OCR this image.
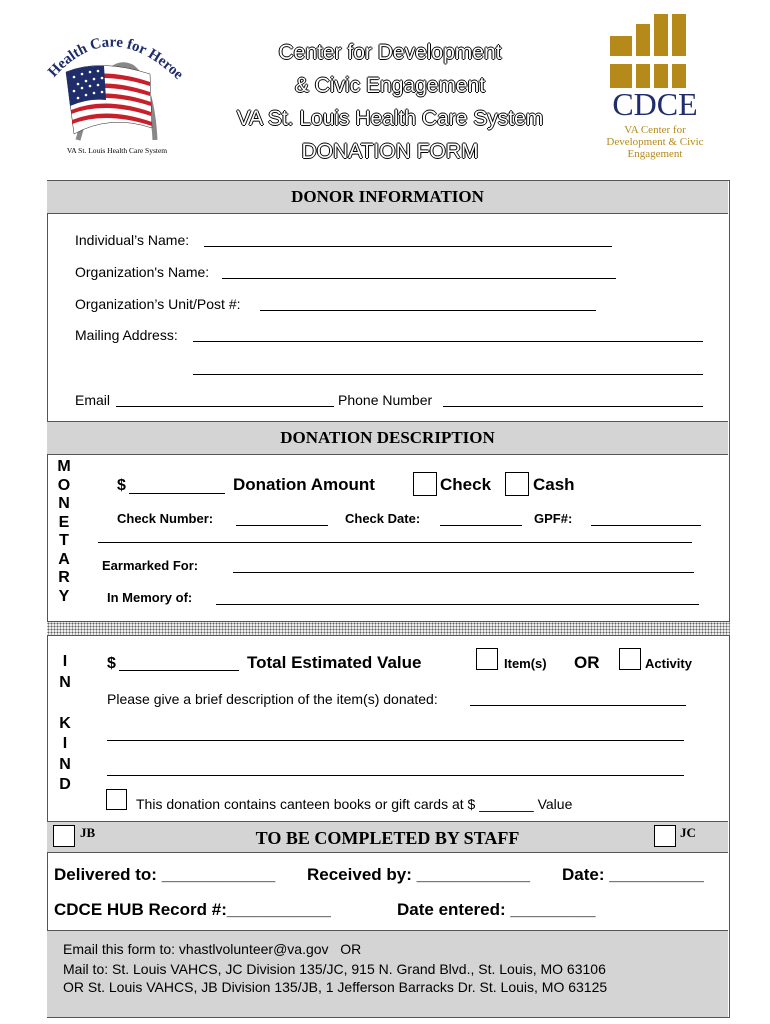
Health Care for Heroe
VA St. Louis Health Care System
Center for Development
& Civic Engagement
VA St. Louis Health Care System
DONATION FORM
CDCE
VA Center for Development & Civic Engagement
DONOR INFORMATION
Individual’s Name:
Organization's Name:
Organization’s Unit/Post #:
Mailing Address:
Email	Phone Number
DONATION DESCRIPTION
M
O
N
E
T
A
R
Y
$	Donation Amount	Check Cash
Check Number:	Check Date:	GPF#:
Earmarked For:
In Memory of:
I
N
K
I
N
D
$	Total Estimated Value	Item(s) OR	Activity
Please give a brief description of the item(s) donated:
This donation contains canteen books or gift cards at $ _______ Value
JB	TO BE COMPLETED BY STAFF	JC
Delivered to: ____________ Received by: ____________ Date: __________
CDCE HUB Record #:___________	Date entered: _________
Email this form to: vhastlvolunteer@va.gov   OR
Mail to: St. Louis VAHCS, JC Division 135/JC, 915 N. Grand Blvd., St. Louis, MO 63106
OR St. Louis VAHCS, JB Division 135/JB, 1 Jefferson Barracks Dr. St. Louis, MO 63125
